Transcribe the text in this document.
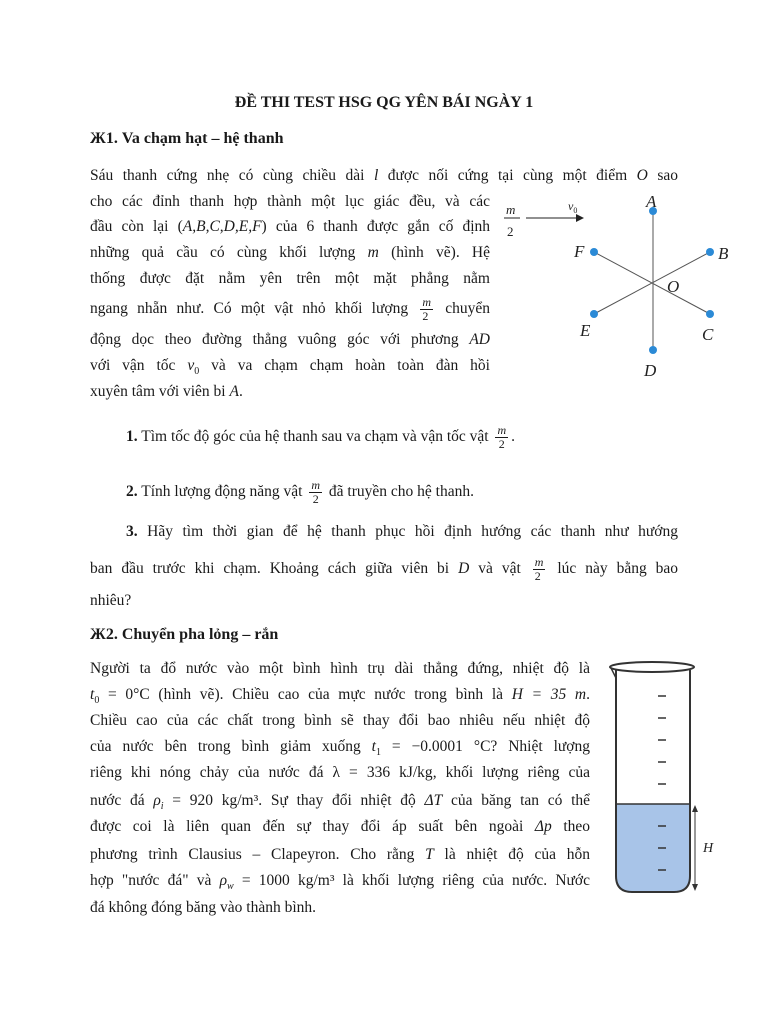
ĐỀ THI TEST HSG QG YÊN BÁI NGÀY 1
Ж1. Va chạm hạt – hệ thanh
Sáu thanh cứng nhẹ có cùng chiều dài l được nối cứng tại cùng một điểm O sao
cho các đỉnh thanh hợp thành một lục giác đều, và các
đầu còn lại (A,B,C,D,E,F) của 6 thanh được gắn cố định
những quả cầu có cùng khối lượng m (hình vẽ). Hệ
thống được đặt nằm yên trên một mặt phẳng nằm
ngang nhẵn như. Có một vật nhỏ khối lượng $\frac{m}{2}$ chuyển
động dọc theo đường thẳng vuông góc với phương AD
với vận tốc $v_0$ và va chạm chạm hoàn toàn đàn hồi
xuyên tâm với viên bi A.
1. Tìm tốc độ góc của hệ thanh sau va chạm và vận tốc vật $\frac{m}{2}$ .
2. Tính lượng động năng vật $\frac{m}{2}$ đã truyền cho hệ thanh.
3. Hãy tìm thời gian để hệ thanh phục hồi định hướng các thanh như hướng
ban đầu trước khi chạm. Khoảng cách giữa viên bi D và vật $\frac{m}{2}$ lúc này bằng bao
nhiêu?
A
B
C
D
E
F
O
m
2
$v_0$
Ж2. Chuyển pha lỏng – rắn
Người ta đổ nước vào một bình hình trụ dài thẳng đứng, nhiệt độ là
$t_0 = 0^\circ C$ (hình vẽ). Chiều cao của mực nước trong bình là H = 35 m.
Chiều cao của các chất trong bình sẽ thay đổi bao nhiêu nếu nhiệt độ
của nước bên trong bình giảm xuống $t_1 = -0.0001$ °C? Nhiệt lượng
riêng khi nóng chảy của nước đá λ = 336 kJ/kg, khối lượng riêng của
nước đá $\rho_i = 920$ kg/m³. Sự thay đổi nhiệt độ ΔT của băng tan có thể
được coi là liên quan đến sự thay đổi áp suất bên ngoài Δp theo
phương trình Clausius – Clapeyron. Cho rằng T là nhiệt độ của hỗn
hợp "nước đá" và $\rho_w = 1000$ kg/m³ là khối lượng riêng của nước. Nước
đá không đóng băng vào thành bình.
H
